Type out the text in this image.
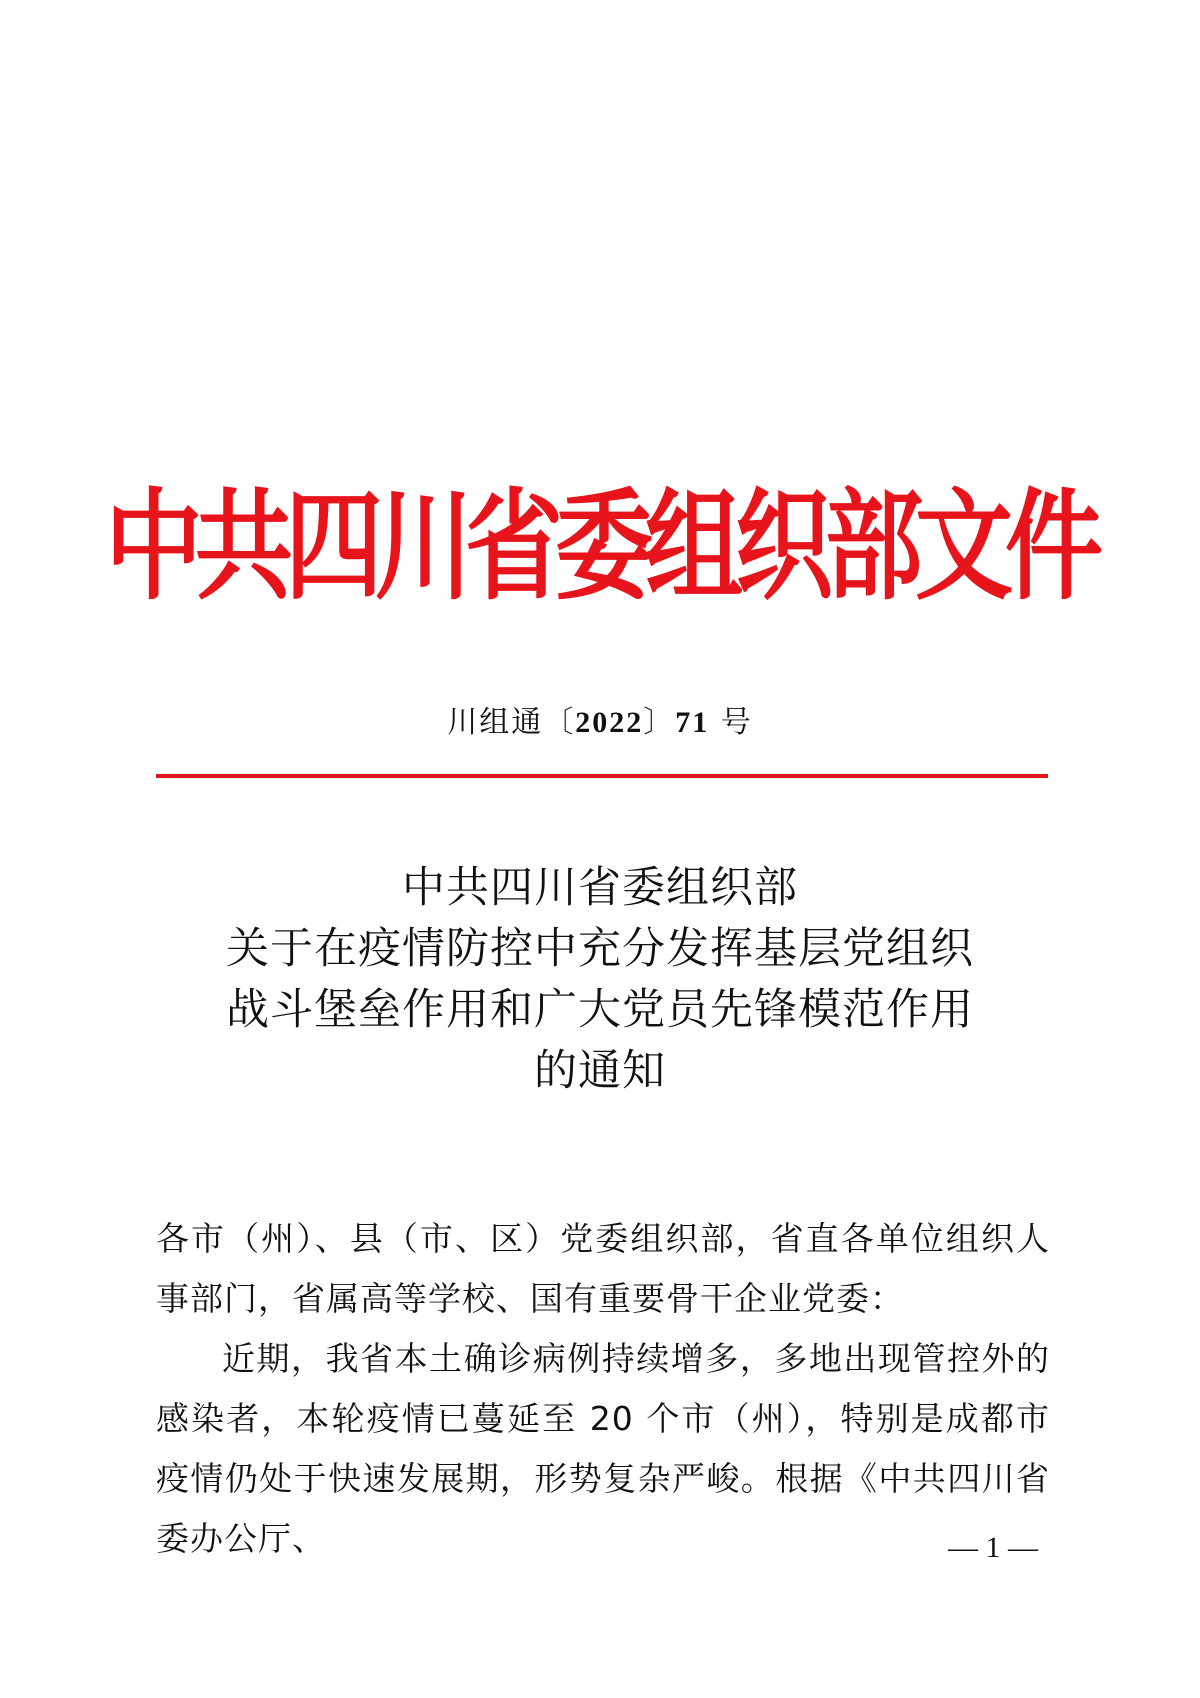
中共四川省委组织部文件
川组通〔2022〕71 号
中共四川省委组织部
关于在疫情防控中充分发挥基层党组织
战斗堡垒作用和广大党员先锋模范作用
的通知

各市（州）、县（市、区）党委组织部，省直各单位组织人事部门，省属高等学校、国有重要骨干企业党委：

近期，我省本土确诊病例持续增多，多地出现管控外的感染者，本轮疫情已蔓延至 20 个市（州），特别是成都市疫情仍处于快速发展期，形势复杂严峻。根据《中共四川省委办公厅、	— 1 —
